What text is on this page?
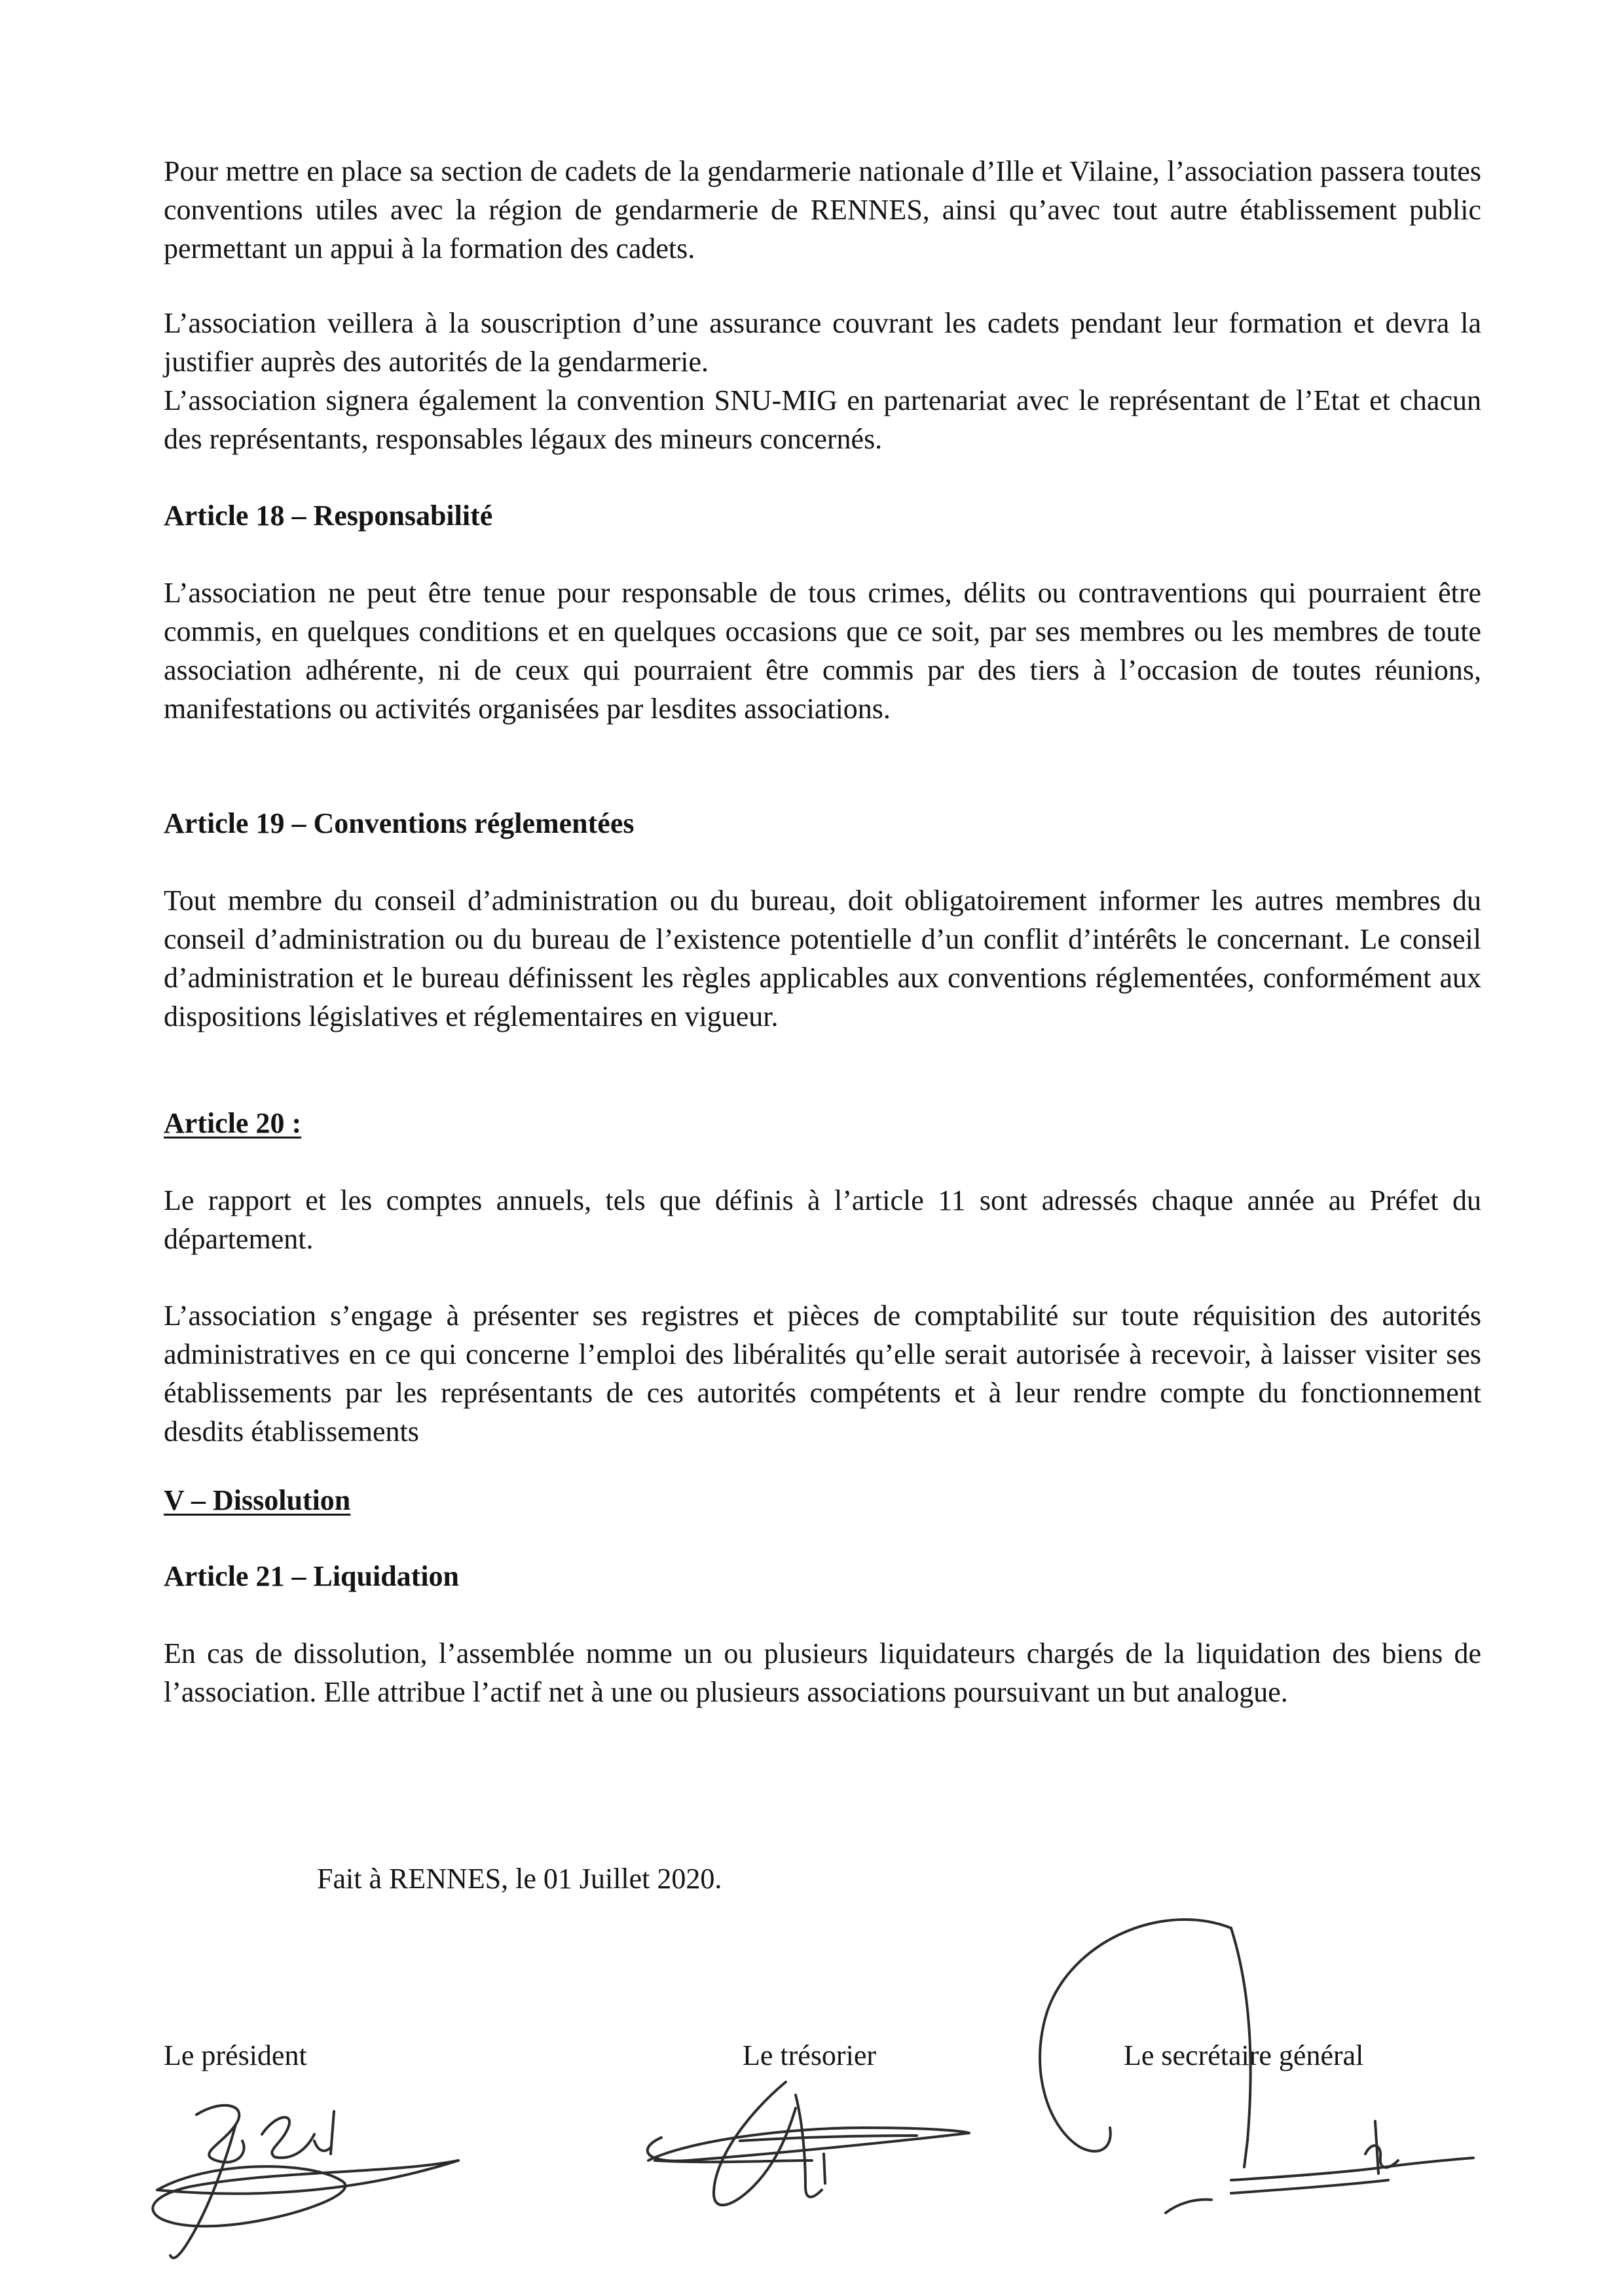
Pour mettre en place sa section de cadets de la gendarmerie nationale d’Ille et Vilaine, l’association passera toutes conventions utiles avec la région de gendarmerie de RENNES, ainsi qu’avec tout autre établissement public permettant un appui à la formation des cadets.

L’association veillera à la souscription d’une assurance couvrant les cadets pendant leur formation et devra la justifier auprès des autorités de la gendarmerie.

L’association signera également la convention SNU-MIG en partenariat avec le représentant de l’Etat et chacun des représentants, responsables légaux des mineurs concernés.

Article 18 – Responsabilité

L’association ne peut être tenue pour responsable de tous crimes, délits ou contraventions qui pourraient être commis, en quelques conditions et en quelques occasions que ce soit, par ses membres ou les membres de toute association adhérente, ni de ceux qui pourraient être commis par des tiers à l’occasion de toutes réunions, manifestations ou activités organisées par lesdites associations.

Article 19 – Conventions réglementées

Tout membre du conseil d’administration ou du bureau, doit obligatoirement informer les autres membres du conseil d’administration ou du bureau de l’existence potentielle d’un conflit d’intérêts le concernant. Le conseil d’administration et le bureau définissent les règles applicables aux conventions réglementées, conformément aux dispositions législatives et réglementaires en vigueur.

Article 20 :

Le rapport et les comptes annuels, tels que définis à l’article 11 sont adressés chaque année au Préfet du département.

L’association s’engage à présenter ses registres et pièces de comptabilité sur toute réquisition des autorités administratives en ce qui concerne l’emploi des libéralités qu’elle serait autorisée à recevoir, à laisser visiter ses établissements par les représentants de ces autorités compétents et à leur rendre compte du fonctionnement desdits établissements

V – Dissolution

Article 21 – Liquidation

En cas de dissolution, l’assemblée nomme un ou plusieurs liquidateurs chargés de la liquidation des biens de l’association. Elle attribue l’actif net à une ou plusieurs associations poursuivant un but analogue.

Fait à RENNES, le 01 Juillet 2020.

Le président	Le trésorier	Le secrétaire général
